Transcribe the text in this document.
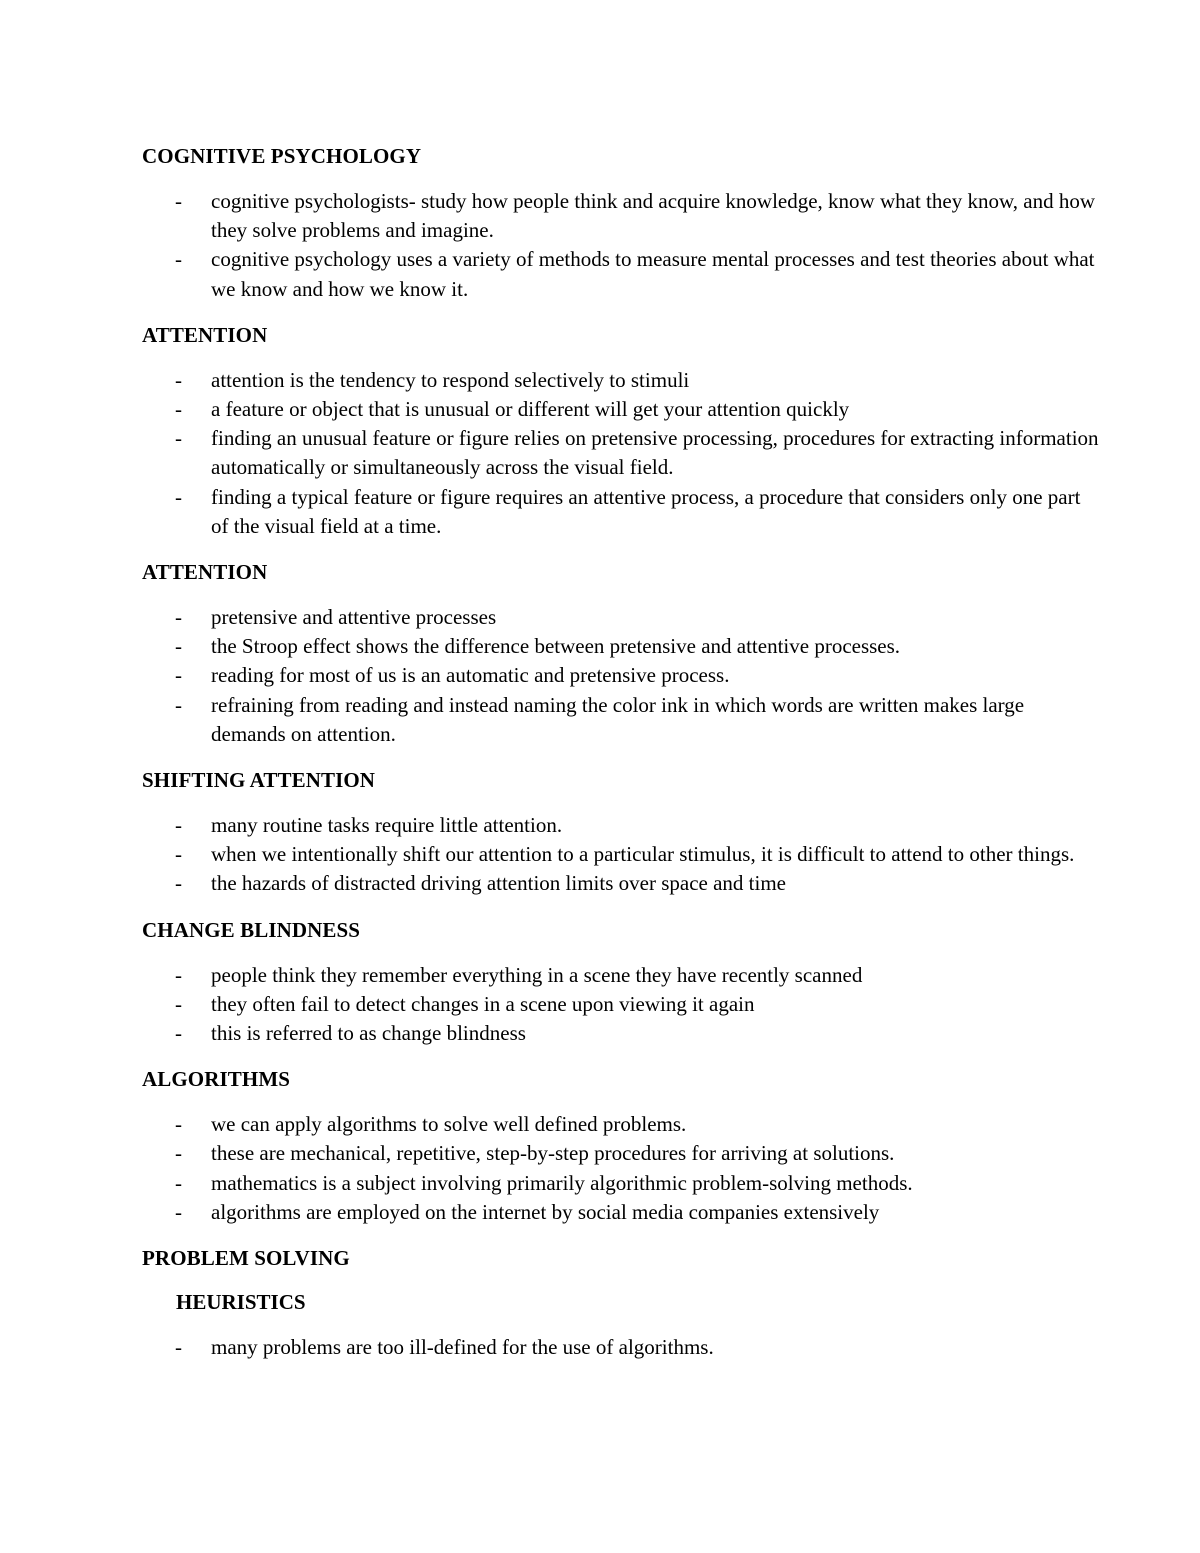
COGNITIVE PSYCHOLOGY

- cognitive psychologists- study how people think and acquire knowledge, know what they know, and how they solve problems and imagine.
- cognitive psychology uses a variety of methods to measure mental processes and test theories about what we know and how we know it.

ATTENTION

- attention is the tendency to respond selectively to stimuli
- a feature or object that is unusual or different will get your attention quickly
- finding an unusual feature or figure relies on pretensive processing, procedures for extracting information automatically or simultaneously across the visual field.
- finding a typical feature or figure requires an attentive process, a procedure that considers only one part of the visual field at a time.

ATTENTION

- pretensive and attentive processes
- the Stroop effect shows the difference between pretensive and attentive processes.
- reading for most of us is an automatic and pretensive process.
- refraining from reading and instead naming the color ink in which words are written makes large demands on attention.

SHIFTING ATTENTION

- many routine tasks require little attention.
- when we intentionally shift our attention to a particular stimulus, it is difficult to attend to other things.
- the hazards of distracted driving attention limits over space and time

CHANGE BLINDNESS

- people think they remember everything in a scene they have recently scanned
- they often fail to detect changes in a scene upon viewing it again
- this is referred to as change blindness

ALGORITHMS

- we can apply algorithms to solve well defined problems.
- these are mechanical, repetitive, step-by-step procedures for arriving at solutions.
- mathematics is a subject involving primarily algorithmic problem-solving methods.
- algorithms are employed on the internet by social media companies extensively

PROBLEM SOLVING

HEURISTICS

- many problems are too ill-defined for the use of algorithms.
